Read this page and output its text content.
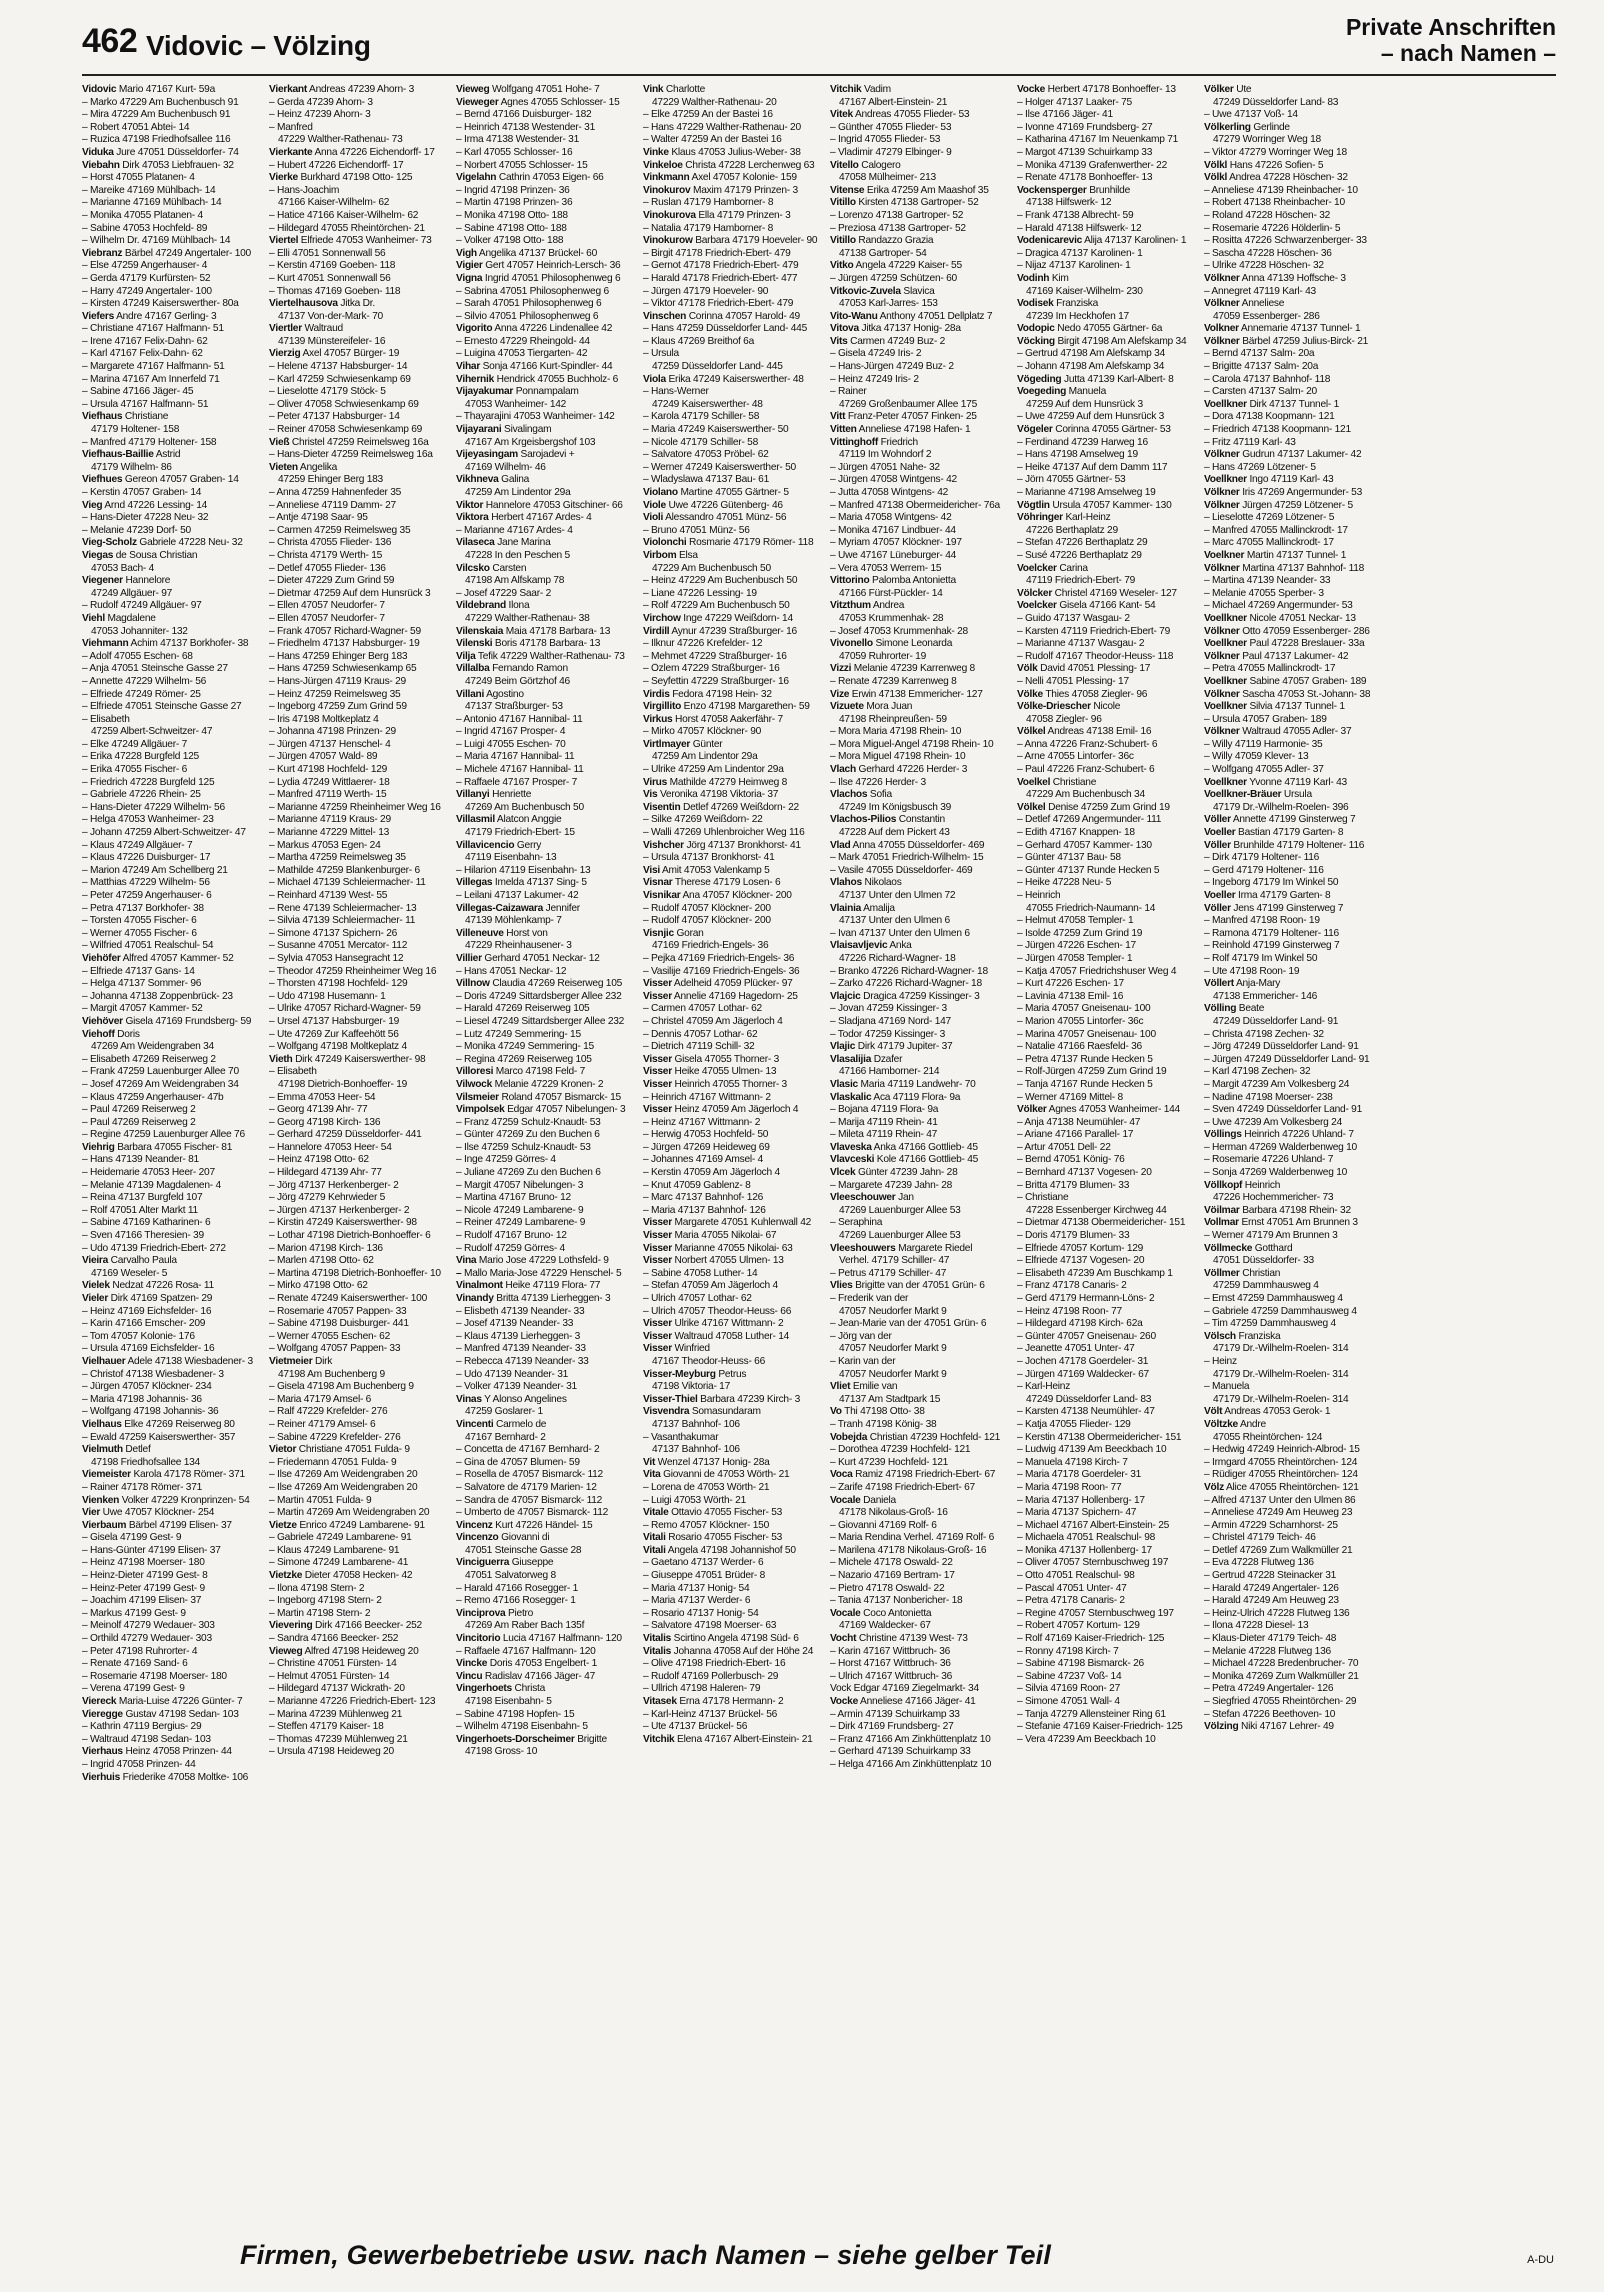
462 Vidovic – Völzing
Private Anschriften
– nach Namen –
Vidovic Mario 47167 Kurt- 59a
– Marko 47229 Am Buchenbusch 91
– Mira 47229 Am Buchenbusch 91
– Robert 47051 Abtei- 14
– Ruzica 47198 Friedhofsallee 116
Viduka Jure 47051 Düsseldorfer- 74
Viebahn Dirk 47053 Liebfrauen- 32
– Horst 47055 Platanen- 4
– Mareike 47169 Mühlbach- 14
– Marianne 47169 Mühlbach- 14
– Monika 47055 Platanen- 4
– Sabine 47053 Hochfeld- 89
– Wilhelm Dr. 47169 Mühlbach- 14
Viebranz Bärbel 47249 Angertaler- 100
– Else 47259 Angerhauser- 4
– Gerda 47179 Kurfürsten- 52
– Harry 47249 Angertaler- 100
– Kirsten 47249 Kaiserswerther- 80a
Viefers Andre 47167 Gerling- 3
– Christiane 47167 Halfmann- 51
– Irene 47167 Felix-Dahn- 62
– Karl 47167 Felix-Dahn- 62
– Margarete 47167 Halfmann- 51
– Marina 47167 Am Innerfeld 71
– Sabine 47166 Jäger- 45
– Ursula 47167 Halfmann- 51
Viefhaus Christiane
47179 Holtener- 158
– Manfred 47179 Holtener- 158
Viefhaus-Baillie Astrid
47179 Wilhelm- 86
Viefhues Gereon 47057 Graben- 14
– Kerstin 47057 Graben- 14
Vieg Arnd 47226 Lessing- 14
– Hans-Dieter 47228 Neu- 32
– Melanie 47239 Dorf- 50
Vieg-Scholz Gabriele 47228 Neu- 32
Viegas de Sousa Christian
47053 Bach- 4
Viegener Hannelore
47249 Allgäuer- 97
– Rudolf 47249 Allgäuer- 97
Viehl Magdalene
47053 Johanniter- 132
Viehmann Achim 47137 Borkhofer- 38
– Adolf 47055 Eschen- 68
– Anja 47051 Steinsche Gasse 27
– Annette 47229 Wilhelm- 56
– Elfriede 47249 Römer- 25
– Elfriede 47051 Steinsche Gasse 27
– Elisabeth
47259 Albert-Schweitzer- 47
– Elke 47249 Allgäuer- 7
– Erika 47228 Burgfeld 125
– Erika 47055 Fischer- 6
– Friedrich 47228 Burgfeld 125
– Gabriele 47226 Rhein- 25
– Hans-Dieter 47229 Wilhelm- 56
– Helga 47053 Wanheimer- 23
– Johann 47259 Albert-Schweitzer- 47
– Klaus 47249 Allgäuer- 7
– Klaus 47226 Duisburger- 17
– Marion 47249 Am Schellberg 21
– Matthias 47229 Wilhelm- 56
– Peter 47259 Angerhauser- 6
– Petra 47137 Borkhofer- 38
– Torsten 47055 Fischer- 6
– Werner 47055 Fischer- 6
– Wilfried 47051 Realschul- 54
Viehöfer Alfred 47057 Kammer- 52
– Elfriede 47137 Gans- 14
– Helga 47137 Sommer- 96
– Johanna 47138 Zoppenbrück- 23
– Margit 47057 Kammer- 52
Viehöver Gisela 47169 Frundsberg- 59
Viehoff Doris
47269 Am Weidengraben 34
– Elisabeth 47269 Reiserweg 2
– Frank 47259 Lauenburger Allee 70
– Josef 47269 Am Weidengraben 34
– Klaus 47259 Angerhauser- 47b
– Paul 47269 Reiserweg 2
– Paul 47269 Reiserweg 2
– Regine 47259 Lauenburger Allee 76
Viehrig Barbara 47055 Fischer- 81
– Hans 47139 Neander- 81
– Heidemarie 47053 Heer- 207
– Melanie 47139 Magdalenen- 4
– Reina 47137 Burgfeld 107
– Rolf 47051 Alter Markt 11
– Sabine 47169 Katharinen- 6
– Sven 47166 Theresien- 39
– Udo 47139 Friedrich-Ebert- 272
Vieira Carvalho Paula
47169 Weseler- 5
Vielek Nedzat 47226 Rosa- 11
Vieler Dirk 47169 Spatzen- 29
– Heinz 47169 Eichsfelder- 16
– Karin 47166 Emscher- 209
– Tom 47057 Kolonie- 176
– Ursula 47169 Eichsfelder- 16
Vielhauer Adele 47138 Wiesbadener- 3
– Christof 47138 Wiesbadener- 3
– Jürgen 47057 Klöckner- 234
– Maria 47198 Johannis- 36
– Wolfgang 47198 Johannis- 36
Vielhaus Elke 47269 Reiserweg 80
– Ewald 47259 Kaiserswerther- 357
Vielmuth Detlef
47198 Friedhofsallee 134
Viemeister Karola 47178 Römer- 371
– Rainer 47178 Römer- 371
Vienken Volker 47229 Kronprinzen- 54
Vier Uwe 47057 Klöckner- 254
Vierbaum Bärbel 47199 Elisen- 37
– Gisela 47199 Gest- 9
– Hans-Günter 47199 Elisen- 37
– Heinz 47198 Moerser- 180
– Heinz-Dieter 47199 Gest- 8
– Heinz-Peter 47199 Gest- 9
– Joachim 47199 Elisen- 37
– Markus 47199 Gest- 9
– Meinolf 47279 Wedauer- 303
– Orthild 47279 Wedauer- 303
– Peter 47198 Ruhrorter- 4
– Renate 47169 Sand- 6
– Rosemarie 47198 Moerser- 180
– Verena 47199 Gest- 9
Viereck Maria-Luise 47226 Günter- 7
Vieregge Gustav 47198 Sedan- 103
– Kathrin 47119 Bergius- 29
– Waltraud 47198 Sedan- 103
Vierhaus Heinz 47058 Prinzen- 44
– Ingrid 47058 Prinzen- 44
Vierhuis Friederike 47058 Moltke- 106
Vierkant Andreas 47239 Ahorn- 3
– Gerda 47239 Ahorn- 3
– Heinz 47239 Ahorn- 3
– Manfred
47229 Walther-Rathenau- 73
Vierkante Anna 47226 Eichendorff- 17
– Hubert 47226 Eichendorff- 17
Vierke Burkhard 47198 Otto- 125
– Hans-Joachim
47166 Kaiser-Wilhelm- 62
– Hatice 47166 Kaiser-Wilhelm- 62
– Hildegard 47055 Rheintörchen- 21
Viertel Elfriede 47053 Wanheimer- 73
– Elli 47051 Sonnenwall 56
– Kerstin 47169 Goeben- 118
– Kurt 47051 Sonnenwall 56
– Thomas 47169 Goeben- 118
Viertelhausova Jitka Dr.
47137 Von-der-Mark- 70
Viertler Waltraud
47139 Münstereifeler- 16
Vierzig Axel 47057 Bürger- 19
– Helene 47137 Habsburger- 14
– Karl 47259 Schwiesenkamp 69
– Lieselotte 47179 Stöck- 5
– Oliver 47058 Schwiesenkamp 69
– Peter 47137 Habsburger- 14
– Reiner 47058 Schwiesenkamp 69
Vieß Christel 47259 Reimelsweg 16a
– Hans-Dieter 47259 Reimelsweg 16a
Vieten Angelika
47259 Ehinger Berg 183
– Anna 47259 Hahnenfeder 35
– Anneliese 47119 Damm- 27
– Antje 47198 Saar- 95
– Carmen 47259 Reimelsweg 35
– Christa 47055 Flieder- 136
– Christa 47179 Werth- 15
– Detlef 47055 Flieder- 136
– Dieter 47229 Zum Grind 59
– Dietmar 47259 Auf dem Hunsrück 3
– Ellen 47057 Neudorfer- 7
– Ellen 47057 Neudorfer- 7
– Frank 47057 Richard-Wagner- 59
– Friedhelm 47137 Habsburger- 19
– Hans 47259 Ehinger Berg 183
– Hans 47259 Schwiesenkamp 65
– Hans-Jürgen 47119 Kraus- 29
– Heinz 47259 Reimelsweg 35
– Ingeborg 47259 Zum Grind 59
– Iris 47198 Moltkeplatz 4
– Johanna 47198 Prinzen- 29
– Jürgen 47137 Henschel- 4
– Jürgen 47057 Wald- 89
– Kurt 47198 Hochfeld- 129
– Lydia 47249 Wittlaerer- 18
– Manfred 47119 Werth- 15
– Marianne 47259 Rheinheimer Weg 16
– Marianne 47119 Kraus- 29
– Marianne 47229 Mittel- 13
– Markus 47053 Egen- 24
– Martha 47259 Reimelsweg 35
– Mathilde 47259 Blankenburger- 6
– Michael 47139 Schleiermacher- 11
– Reinhard 47139 West- 55
– Rene 47139 Schleiermacher- 13
– Silvia 47139 Schleiermacher- 11
– Simone 47137 Spichern- 26
– Susanne 47051 Mercator- 112
– Sylvia 47053 Hansegracht 12
– Theodor 47259 Rheinheimer Weg 16
– Thorsten 47198 Hochfeld- 129
– Udo 47198 Husemann- 1
– Ulrike 47057 Richard-Wagner- 59
– Ursel 47137 Habsburger- 19
– Ute 47269 Zur Kaffeehött 56
– Wolfgang 47198 Moltkeplatz 4
Vieth Dirk 47249 Kaiserswerther- 98
– Elisabeth
47198 Dietrich-Bonhoeffer- 19
– Emma 47053 Heer- 54
– Georg 47139 Ahr- 77
– Georg 47198 Kirch- 136
– Gerhard 47259 Düsseldorfer- 441
– Hannelore 47053 Heer- 54
– Heinz 47198 Otto- 62
– Hildegard 47139 Ahr- 77
– Jörg 47137 Herkenberger- 2
– Jörg 47279 Kehrwieder 5
– Jürgen 47137 Herkenberger- 2
– Kirstin 47249 Kaiserswerther- 98
– Lothar 47198 Dietrich-Bonhoeffer- 6
– Marion 47198 Kirch- 136
– Marlen 47198 Otto- 62
– Martina 47198 Dietrich-Bonhoeffer- 10
– Mirko 47198 Otto- 62
– Renate 47249 Kaiserswerther- 100
– Rosemarie 47057 Pappen- 33
– Sabine 47198 Duisburger- 441
– Werner 47055 Eschen- 62
– Wolfgang 47057 Pappen- 33
Vietmeier Dirk
47198 Am Buchenberg 9
– Gisela 47198 Am Buchenberg 9
– Maria 47179 Amsel- 6
– Ralf 47229 Krefelder- 276
– Reiner 47179 Amsel- 6
– Sabine 47229 Krefelder- 276
Vietor Christiane 47051 Fulda- 9
– Friedemann 47051 Fulda- 9
– Ilse 47269 Am Weidengraben 20
– Ilse 47269 Am Weidengraben 20
– Martin 47051 Fulda- 9
– Martin 47269 Am Weidengraben 20
Vietze Enrico 47249 Lambarene- 91
– Gabriele 47249 Lambarene- 91
– Klaus 47249 Lambarene- 91
– Simone 47249 Lambarene- 41
Vietzke Dieter 47058 Hecken- 42
– Ilona 47198 Stern- 2
– Ingeborg 47198 Stern- 2
– Martin 47198 Stern- 2
Vievering Dirk 47166 Beecker- 252
– Sandra 47166 Beecker- 252
Vieweg Alfred 47198 Heideweg 20
– Christine 47051 Fürsten- 14
– Helmut 47051 Fürsten- 14
– Hildegard 47137 Wickrath- 20
– Marianne 47226 Friedrich-Ebert- 123
– Marina 47239 Mühlenweg 21
– Steffen 47179 Kaiser- 18
– Thomas 47239 Mühlenweg 21
– Ursula 47198 Heideweg 20
Vieweg Wolfgang 47051 Hohe- 7
Vieweger Agnes 47055 Schlosser- 15
– Bernd 47166 Duisburger- 182
– Heinrich 47138 Westender- 31
– Irma 47138 Westender- 31
– Karl 47055 Schlosser- 16
– Norbert 47055 Schlosser- 15
Vigelahn Cathrin 47053 Eigen- 66
– Ingrid 47198 Prinzen- 36
– Martin 47198 Prinzen- 36
– Monika 47198 Otto- 188
– Sabine 47198 Otto- 188
– Volker 47198 Otto- 188
Vigh Angelika 47137 Brückel- 60
Vigier Gert 47057 Heinrich-Lersch- 36
Vigna Ingrid 47051 Philosophenweg 6
– Sabrina 47051 Philosophenweg 6
– Sarah 47051 Philosophenweg 6
– Silvio 47051 Philosophenweg 6
Vigorito Anna 47226 Lindenallee 42
– Ernesto 47229 Rheingold- 44
– Luigina 47053 Tiergarten- 42
Vihar Sonja 47166 Kurt-Spindler- 44
Vihernik Hendrick 47055 Buchholz- 6
Vijayakumar Ponnampalam
47053 Wanheimer- 142
– Thayarajini 47053 Wanheimer- 142
Vijayarani Sivalingam
47167 Am Krgeisbergshof 103
Vijeyasingam Sarojadevi +
47169 Wilhelm- 46
Vikhneva Galina
47259 Am Lindentor 29a
Viktor Hannelore 47053 Gitschiner- 66
Viktora Herbert 47167 Ardes- 4
– Marianne 47167 Ardes- 4
Vilaseca Jane Marina
47228 In den Peschen 5
Vilcsko Carsten
47198 Am Alfskamp 78
– Josef 47229 Saar- 2
Vildebrand Ilona
47229 Walther-Rathenau- 38
Vilenskaia Maia 47178 Barbara- 13
Vilenski Boris 47178 Barbara- 13
Vilja Tefik 47229 Walther-Rathenau- 73
Villalba Fernando Ramon
47249 Beim Görtzhof 46
Villani Agostino
47137 Straßburger- 53
– Antonio 47167 Hannibal- 11
– Ingrid 47167 Prosper- 4
– Luigi 47055 Eschen- 70
– Maria 47167 Hannibal- 11
– Michele 47167 Hannibal- 11
– Raffaele 47167 Prosper- 7
Villanyi Henriette
47269 Am Buchenbusch 50
Villasmil Alatcon Anggie
47179 Friedrich-Ebert- 15
Villavicencio Gerry
47119 Eisenbahn- 13
– Hilarion 47119 Eisenbahn- 13
Villegas Imelda 47137 Sing- 5
– Leilani 47137 Lakumer- 42
Villegas-Caizawara Jennifer
47139 Möhlenkamp- 7
Villeneuve Horst von
47229 Rheinhausener- 3
Villier Gerhard 47051 Neckar- 12
– Hans 47051 Neckar- 12
Villnow Claudia 47269 Reiserweg 105
– Doris 47249 Sittardsberger Allee 232
– Harald 47269 Reiserweg 105
– Liesel 47249 Sittardsberger Allee 232
– Lutz 47249 Semmering- 15
– Monika 47249 Semmering- 15
– Regina 47269 Reiserweg 105
Villoresi Marco 47198 Feld- 7
Vilwock Melanie 47229 Kronen- 2
Vilsmeier Roland 47057 Bismarck- 15
Vimpolsek Edgar 47057 Nibelungen- 3
– Franz 47259 Schulz-Knaudt- 53
– Günter 47269 Zu den Buchen 6
– Ilse 47259 Schulz-Knaudt- 53
– Inge 47259 Görres- 4
– Juliane 47269 Zu den Buchen 6
– Margit 47057 Nibelungen- 3
– Martina 47167 Bruno- 12
– Nicole 47249 Lambarene- 9
– Reiner 47249 Lambarene- 9
– Rudolf 47167 Bruno- 12
– Rudolf 47259 Görres- 4
Vina Mario Jose 47229 Lothsfeld- 9
– Mallo Maria-Jose 47229 Henschel- 5
Vinalmont Heike 47119 Flora- 77
Vinandy Britta 47139 Lierheggen- 3
– Elisbeth 47139 Neander- 33
– Josef 47139 Neander- 33
– Klaus 47139 Lierheggen- 3
– Manfred 47139 Neander- 33
– Rebecca 47139 Neander- 33
– Udo 47139 Neander- 31
– Volker 47139 Neander- 31
Vinas Y Alonso Angelines
47259 Goslarer- 1
Vincenti Carmelo de
47167 Bernhard- 2
– Concetta de 47167 Bernhard- 2
– Gina de 47057 Blumen- 59
– Rosella de 47057 Bismarck- 112
– Salvatore de 47179 Marien- 12
– Sandra de 47057 Bismarck- 112
– Umberto de 47057 Bismarck- 112
Vincenz Kurt 47226 Händel- 15
Vincenzo Giovanni di
47051 Steinsche Gasse 28
Vinciguerra Giuseppe
47051 Salvatorweg 8
– Harald 47166 Rosegger- 1
– Remo 47166 Rosegger- 1
Vinciprova Pietro
47269 Am Raber Bach 135f
Vincitorio Lucia 47167 Halfmann- 120
– Raffaele 47167 Halfmann- 120
Vincke Doris 47053 Engelbert- 1
Vincu Radislav 47166 Jäger- 47
Vingerhoets Christa
47198 Eisenbahn- 5
– Sabine 47198 Hopfen- 15
– Wilhelm 47198 Eisenbahn- 5
Vingerhoets-Dorscheimer Brigitte
47198 Gross- 10
Vink Charlotte
47229 Walther-Rathenau- 20
– Elke 47259 An der Bastei 16
– Hans 47229 Walther-Rathenau- 20
– Walter 47259 An der Bastei 16
Vinke Klaus 47053 Julius-Weber- 38
Vinkeloe Christa 47228 Lerchenweg 63
Vinkmann Axel 47057 Kolonie- 159
Vinokurov Maxim 47179 Prinzen- 3
– Ruslan 47179 Hamborner- 8
Vinokurova Ella 47179 Prinzen- 3
– Natalia 47179 Hamborner- 8
Vinokurow Barbara 47179 Hoeveler- 90
– Birgit 47178 Friedrich-Ebert- 479
– Gernot 47178 Friedrich-Ebert- 479
– Harald 47178 Friedrich-Ebert- 477
– Jürgen 47179 Hoeveler- 90
– Viktor 47178 Friedrich-Ebert- 479
Vinschen Corinna 47057 Harold- 49
– Hans 47259 Düsseldorfer Land- 445
– Klaus 47269 Breithof 6a
– Ursula
47259 Düsseldorfer Land- 445
Viola Erika 47249 Kaiserswerther- 48
– Hans-Werner
47249 Kaiserswerther- 48
– Karola 47179 Schiller- 58
– Maria 47249 Kaiserswerther- 50
– Nicole 47179 Schiller- 58
– Salvatore 47053 Pröbel- 62
– Werner 47249 Kaiserswerther- 50
– Wladyslawa 47137 Bau- 61
Violano Martine 47055 Gärtner- 5
Viole Uwe 47226 Gütenberg- 46
Violi Alessandro 47051 Münz- 56
– Bruno 47051 Münz- 56
Violonchi Rosmarie 47179 Römer- 118
Virbom Elsa
47229 Am Buchenbusch 50
– Heinz 47229 Am Buchenbusch 50
– Liane 47226 Lessing- 19
– Rolf 47229 Am Buchenbusch 50
Virchow Inge 47229 Weißdorn- 14
Virdill Aynur 47239 Straßburger- 16
– Ilknur 47226 Krefelder- 12
– Mehmet 47229 Straßburger- 16
– Özlem 47229 Straßburger- 16
– Seyfettin 47229 Straßburger- 16
Virdis Fedora 47198 Hein- 32
Virgillito Enzo 47198 Margarethen- 59
Virkus Horst 47058 Aakerfähr- 7
– Mirko 47057 Klöckner- 90
Virtlmayer Günter
47259 Am Lindentor 29a
– Ulrike 47259 Am Lindentor 29a
Virus Mathilde 47279 Heimweg 8
Vis Veronika 47198 Viktoria- 37
Visentin Detlef 47269 Weißdorn- 22
– Silke 47269 Weißdorn- 22
– Walli 47269 Uhlenbroicher Weg 116
Vishcher Jörg 47137 Bronkhorst- 41
– Ursula 47137 Bronkhorst- 41
Visi Amit 47053 Valenkamp 5
Visnar Therese 47179 Losen- 6
Visnikar Ana 47057 Klöckner- 200
– Rudolf 47057 Klöckner- 200
– Rudolf 47057 Klöckner- 200
Visnjic Goran
47169 Friedrich-Engels- 36
– Pejka 47169 Friedrich-Engels- 36
– Vasilije 47169 Friedrich-Engels- 36
Visser Adelheid 47059 Plücker- 97
Visser Annelie 47169 Hagedorn- 25
– Carmen 47057 Lothar- 62
– Christel 47059 Am Jägerloch 4
– Dennis 47057 Lothar- 62
– Dietrich 47119 Schill- 32
Visser Gisela 47055 Thorner- 3
Visser Heike 47055 Ulmen- 13
Visser Heinrich 47055 Thorner- 3
– Heinrich 47167 Wittmann- 2
Visser Heinz 47059 Am Jägerloch 4
– Heinz 47167 Wittmann- 2
– Herwig 47053 Hochfeld- 50
– Jürgen 47269 Heideweg 69
– Johannes 47169 Amsel- 4
– Kerstin 47059 Am Jägerloch 4
– Knut 47059 Gablenz- 8
– Marc 47137 Bahnhof- 126
– Maria 47137 Bahnhof- 126
Visser Margarete 47051 Kuhlenwall 42
Visser Maria 47055 Nikolai- 67
Visser Marianne 47055 Nikolai- 63
Visser Norbert 47055 Ulmen- 13
– Sabine 47058 Luther- 14
– Stefan 47059 Am Jägerloch 4
– Ulrich 47057 Lothar- 62
– Ulrich 47057 Theodor-Heuss- 66
Visser Ulrike 47167 Wittmann- 2
Visser Waltraud 47058 Luther- 14
Visser Winfried
47167 Theodor-Heuss- 66
Visser-Meyburg Petrus
47198 Viktoria- 17
Visser-Thiel Barbara 47239 Kirch- 3
Visvendra Somasundaram
47137 Bahnhof- 106
– Vasanthakumar
47137 Bahnhof- 106
Vit Wenzel 47137 Honig- 28a
Vita Giovanni de 47053 Wörth- 21
– Lorena de 47053 Wörth- 21
– Luigi 47053 Wörth- 21
Vitale Ottavio 47055 Fischer- 53
– Remo 47057 Klöckner- 150
Vitali Rosario 47055 Fischer- 53
Vitali Angela 47198 Johannishof 50
– Gaetano 47137 Werder- 6
– Giuseppe 47051 Brüder- 8
– Maria 47137 Honig- 54
– Maria 47137 Werder- 6
– Rosario 47137 Honig- 54
– Salvatore 47198 Moerser- 63
Vitalis Scirtino Angela 47198 Süd- 6
Vitalis Johanna 47058 Auf der Höhe 24
– Olive 47198 Friedrich-Ebert- 16
– Rudolf 47169 Pollerbusch- 29
– Ullrich 47198 Haleren- 79
Vitasek Erna 47178 Hermann- 2
– Karl-Heinz 47137 Brückel- 56
– Ute 47137 Brückel- 56
Vitchik Elena 47167 Albert-Einstein- 21
Vitchik Vadim
47167 Albert-Einstein- 21
Vitek Andreas 47055 Flieder- 53
– Günther 47055 Flieder- 53
– Ingrid 47055 Flieder- 53
– Vladimir 47279 Elbinger- 9
Vitello Calogero
47058 Mülheimer- 213
Vitense Erika 47259 Am Maashof 35
Vitillo Kirsten 47138 Gartroper- 52
– Lorenzo 47138 Gartroper- 52
– Preziosa 47138 Gartroper- 52
Vitillo Randazzo Grazia
47138 Gartroper- 54
Vitko Angela 47229 Kaiser- 55
– Jürgen 47259 Schützen- 60
Vitkovic-Zuvela Slavica
47053 Karl-Jarres- 153
Vito-Wanu Anthony 47051 Dellplatz 7
Vitova Jitka 47137 Honig- 28a
Vits Carmen 47249 Buz- 2
– Gisela 47249 Iris- 2
– Hans-Jürgen 47249 Buz- 2
– Heinz 47249 Iris- 2
– Rainer
47269 Großenbaumer Allee 175
Vitt Franz-Peter 47057 Finken- 25
Vitten Anneliese 47198 Hafen- 1
Vittinghoff Friedrich
47119 Im Wohndorf 2
– Jürgen 47051 Nahe- 32
– Jürgen 47058 Wintgens- 42
– Jutta 47058 Wintgens- 42
– Manfred 47138 Obermeidericher- 76a
– Maria 47058 Wintgens- 42
– Monika 47167 Lindbuer- 44
– Myriam 47057 Klöckner- 197
– Uwe 47167 Lüneburger- 44
– Vera 47053 Werrem- 15
Vittorino Palomba Antonietta
47166 Fürst-Pückler- 14
Vitzthum Andrea
47053 Krummenhak- 28
– Josef 47053 Krummenhak- 28
Vivonello Simone Leonarda
47059 Ruhrorter- 19
Vizzi Melanie 47239 Karrenweg 8
– Renate 47239 Karrenweg 8
Vize Erwin 47138 Emmericher- 127
Vizuete Mora Juan
47198 Rheinpreußen- 59
– Mora Maria 47198 Rhein- 10
– Mora Miguel-Angel 47198 Rhein- 10
– Mora Miguel 47198 Rhein- 10
Vlach Gerhard 47226 Herder- 3
– Ilse 47226 Herder- 3
Vlachos Sofia
47249 Im Königsbusch 39
Vlachos-Pilios Constantin
47228 Auf dem Pickert 43
Vlad Anna 47055 Düsseldorfer- 469
– Mark 47051 Friedrich-Wilhelm- 15
– Vasile 47055 Düsseldorfer- 469
Vlahos Nikolaos
47137 Unter den Ulmen 72
Vlainia Amalija
47137 Unter den Ulmen 6
– Ivan 47137 Unter den Ulmen 6
Vlaisavljevic Anka
47226 Richard-Wagner- 18
– Branko 47226 Richard-Wagner- 18
– Zarko 47226 Richard-Wagner- 18
Vlajcic Dragica 47259 Kissinger- 3
– Jovan 47259 Kissinger- 3
– Sladjana 47169 Nord- 147
– Todor 47259 Kissinger- 3
Vlajic Dirk 47179 Jupiter- 37
Vlasalijia Dzafer
47166 Hamborner- 214
Vlasic Maria 47119 Landwehr- 70
Vlaskalic Aca 47119 Flora- 9a
– Bojana 47119 Flora- 9a
– Marija 47119 Rhein- 41
– Mileta 47119 Rhein- 47
Vlaveska Anka 47166 Gottlieb- 45
Vlavceski Kole 47166 Gottlieb- 45
Vlcek Günter 47239 Jahn- 28
– Margarete 47239 Jahn- 28
Vleeschouwer Jan
47269 Lauenburger Allee 53
– Seraphina
47269 Lauenburger Allee 53
Vleeshouwers Margarete Riedel
Verhel. 47179 Schiller- 47
– Petrus 47179 Schiller- 47
Vlies Brigitte van der 47051 Grün- 6
– Frederik van der
47057 Neudorfer Markt 9
– Jean-Marie van der 47051 Grün- 6
– Jörg van der
47057 Neudorfer Markt 9
– Karin van der
47057 Neudorfer Markt 9
Vliet Emilie van
47137 Am Stadtpark 15
Vo Thi 47198 Otto- 38
– Tranh 47198 König- 38
Vobejda Christian 47239 Hochfeld- 121
– Dorothea 47239 Hochfeld- 121
– Kurt 47239 Hochfeld- 121
Voca Ramiz 47198 Friedrich-Ebert- 67
– Zarife 47198 Friedrich-Ebert- 67
Vocale Daniela
47178 Nikolaus-Groß- 16
– Giovanni 47169 Rolf- 6
– Maria Rendina Verhel. 47169 Rolf- 6
– Marilena 47178 Nikolaus-Groß- 16
– Michele 47178 Oswald- 22
– Nazario 47169 Bertram- 17
– Pietro 47178 Oswald- 22
– Tania 47137 Nonbericher- 18
Vocale Coco Antonietta
47169 Waldecker- 67
Vocht Christine 47139 West- 73
– Karin 47167 Wittbruch- 36
– Horst 47167 Wittbruch- 36
– Ulrich 47167 Wittbruch- 36
Vock Edgar 47169 Ziegelmarkt- 34
Vocke Anneliese 47166 Jäger- 41
– Armin 47139 Schuirkamp 33
– Dirk 47169 Frundsberg- 27
– Franz 47166 Am Zinkhüttenplatz 10
– Gerhard 47139 Schuirkamp 33
– Helga 47166 Am Zinkhüttenplatz 10
Vocke Herbert 47178 Bonhoeffer- 13
– Holger 47137 Laaker- 75
– Ilse 47166 Jäger- 41
– Ivonne 47169 Frundsberg- 27
– Katharina 47167 Im Neuenkamp 71
– Margot 47139 Schuirkamp 33
– Monika 47139 Grafenwerther- 22
– Renate 47178 Bonhoeffer- 13
Vockensperger Brunhilde
47138 Hilfswerk- 12
– Frank 47138 Albrecht- 59
– Harald 47138 Hilfswerk- 12
Vodenicarevic Alija 47137 Karolinen- 1
– Dragica 47137 Karolinen- 1
– Nijaz 47137 Karolinen- 1
Vodinh Kim
47169 Kaiser-Wilhelm- 230
Vodisek Franziska
47239 Im Heckhofen 17
Vodopic Nedo 47055 Gärtner- 6a
Vöcking Birgit 47198 Am Alefskamp 34
– Gertrud 47198 Am Alefskamp 34
– Johann 47198 Am Alefskamp 34
Vögeding Jutta 47139 Karl-Albert- 8
Voegeding Manuela
47259 Auf dem Hunsrück 3
– Uwe 47259 Auf dem Hunsrück 3
Vögeler Corinna 47055 Gärtner- 53
– Ferdinand 47239 Harweg 16
– Hans 47198 Amselweg 19
– Heike 47137 Auf dem Damm 117
– Jörn 47055 Gärtner- 53
– Marianne 47198 Amselweg 19
Vögtlin Ursula 47057 Kammer- 130
Vöhringer Karl-Heinz
47226 Berthaplatz 29
– Stefan 47226 Berthaplatz 29
– Susé 47226 Berthaplatz 29
Voelcker Carina
47119 Friedrich-Ebert- 79
Völcker Christel 47169 Weseler- 127
Voelcker Gisela 47166 Kant- 54
– Guido 47137 Wasgau- 2
– Karsten 47119 Friedrich-Ebert- 79
– Marianne 47137 Wasgau- 2
– Rudolf 47167 Theodor-Heuss- 118
Völk David 47051 Plessing- 17
– Nelli 47051 Plessing- 17
Völke Thies 47058 Ziegler- 96
Völke-Driescher Nicole
47058 Ziegler- 96
Völkel Andreas 47138 Emil- 16
– Anna 47226 Franz-Schubert- 6
– Arne 47055 Lintorfer- 36c
– Paul 47226 Franz-Schubert- 6
Voelkel Christiane
47229 Am Buchenbusch 34
Völkel Denise 47259 Zum Grind 19
– Detlef 47269 Angermunder- 111
– Edith 47167 Knappen- 18
– Gerhard 47057 Kammer- 130
– Günter 47137 Bau- 58
– Günter 47137 Runde Hecken 5
– Heike 47228 Neu- 5
– Heinrich
47055 Friedrich-Naumann- 14
– Helmut 47058 Templer- 1
– Isolde 47259 Zum Grind 19
– Jürgen 47226 Eschen- 17
– Jürgen 47058 Templer- 1
– Katja 47057 Friedrichshuser Weg 4
– Kurt 47226 Eschen- 17
– Lavinia 47138 Emil- 16
– Maria 47057 Gneisenau- 100
– Marion 47055 Lintorfer- 36c
– Marina 47057 Gneisenau- 100
– Natalie 47166 Raesfeld- 36
– Petra 47137 Runde Hecken 5
– Rolf-Jürgen 47259 Zum Grind 19
– Tanja 47167 Runde Hecken 5
– Werner 47169 Mittel- 8
Völker Agnes 47053 Wanheimer- 144
– Anja 47138 Neumühler- 47
– Ariane 47166 Parallel- 17
– Artur 47051 Dell- 22
– Bernd 47051 König- 76
– Bernhard 47137 Vogesen- 20
– Britta 47179 Blumen- 33
– Christiane
47228 Essenberger Kirchweg 44
– Dietmar 47138 Obermeidericher- 151
– Doris 47179 Blumen- 33
– Elfriede 47057 Kortum- 129
– Elfriede 47137 Vogesen- 20
– Elisabeth 47239 Am Buschkamp 1
– Franz 47178 Canaris- 2
– Gerd 47179 Hermann-Löns- 2
– Heinz 47198 Roon- 77
– Hildegard 47198 Kirch- 62a
– Günter 47057 Gneisenau- 260
– Jeanette 47051 Unter- 47
– Jochen 47178 Goerdeler- 31
– Jürgen 47169 Waldecker- 67
– Karl-Heinz
47249 Düsseldorfer Land- 83
– Karsten 47138 Neumühler- 47
– Katja 47055 Flieder- 129
– Kerstin 47138 Obermeidericher- 151
– Ludwig 47139 Am Beeckbach 10
– Manuela 47198 Kirch- 7
– Maria 47178 Goerdeler- 31
– Maria 47198 Roon- 77
– Maria 47137 Hollenberg- 17
– Maria 47137 Spichern- 47
– Michael 47167 Albert-Einstein- 25
– Michaela 47051 Realschul- 98
– Monika 47137 Hollenberg- 17
– Oliver 47057 Sternbuschweg 197
– Otto 47051 Realschul- 98
– Pascal 47051 Unter- 47
– Petra 47178 Canaris- 2
– Regine 47057 Sternbuschweg 197
– Robert 47057 Kortum- 129
– Rolf 47169 Kaiser-Friedrich- 125
– Ronny 47198 Kirch- 7
– Sabine 47198 Bismarck- 26
– Sabine 47237 Voß- 14
– Silvia 47169 Roon- 27
– Simone 47051 Wall- 4
– Tanja 47279 Allensteiner Ring 61
– Stefanie 47169 Kaiser-Friedrich- 125
– Vera 47239 Am Beeckbach 10
Völker Ute
47249 Düsseldorfer Land- 83
– Uwe 47137 Voß- 14
Völkerling Gerlinde
47279 Worringer Weg 18
– Viktor 47279 Worringer Weg 18
Völkl Hans 47226 Sofien- 5
Völkl Andrea 47228 Höschen- 32
– Anneliese 47139 Rheinbacher- 10
– Robert 47138 Rheinbacher- 10
– Roland 47228 Höschen- 32
– Rosemarie 47226 Hölderlin- 5
– Rositta 47226 Schwarzenberger- 33
– Sascha 47228 Höschen- 36
– Ulrike 47228 Höschen- 32
Völkner Anna 47139 Hoffsche- 3
– Annegret 47119 Karl- 43
Völkner Anneliese
47059 Essenberger- 286
Volkner Annemarie 47137 Tunnel- 1
Völkner Bärbel 47259 Julius-Birck- 21
– Bernd 47137 Salm- 20a
– Brigitte 47137 Salm- 20a
– Carola 47137 Bahnhof- 118
– Carsten 47137 Salm- 20
Voellkner Dirk 47137 Tunnel- 1
– Dora 47138 Koopmann- 121
– Friedrich 47138 Koopmann- 121
– Fritz 47119 Karl- 43
Völkner Gudrun 47137 Lakumer- 42
– Hans 47269 Lötzener- 5
Voellkner Ingo 47119 Karl- 43
Völkner Iris 47269 Angermunder- 53
Völkner Jürgen 47259 Lötzener- 5
– Lieselotte 47269 Lötzener- 5
– Manfred 47055 Mallinckrodt- 17
– Marc 47055 Mallinckrodt- 17
Voelkner Martin 47137 Tunnel- 1
Völkner Martina 47137 Bahnhof- 118
– Martina 47139 Neander- 33
– Melanie 47055 Sperber- 3
– Michael 47269 Angermunder- 53
Voellkner Nicole 47051 Neckar- 13
Völkner Otto 47059 Essenberger- 286
Voellkner Paul 47228 Breslauer- 33a
Völkner Paul 47137 Lakumer- 42
– Petra 47055 Mallinckrodt- 17
Voellkner Sabine 47057 Graben- 189
Völkner Sascha 47053 St.-Johann- 38
Voellkner Silvia 47137 Tunnel- 1
– Ursula 47057 Graben- 189
Völkner Waltraud 47055 Adler- 37
– Willy 47119 Harmonie- 35
– Willy 47059 Klever- 13
– Wolfgang 47055 Adler- 37
Voellkner Yvonne 47119 Karl- 43
Voellkner-Bräuer Ursula
47179 Dr.-Wilhelm-Roelen- 396
Völler Annette 47199 Ginsterweg 7
Voeller Bastian 47179 Garten- 8
Völler Brunhilde 47179 Holtener- 116
– Dirk 47179 Holtener- 116
– Gerd 47179 Holtener- 116
– Ingeborg 47179 Im Winkel 50
Voeller Irma 47179 Garten- 8
Völler Jens 47199 Ginsterweg 7
– Manfred 47198 Roon- 19
– Ramona 47179 Holtener- 116
– Reinhold 47199 Ginsterweg 7
– Rolf 47179 Im Winkel 50
– Ute 47198 Roon- 19
Völlert Anja-Mary
47138 Emmericher- 146
Völling Beate
47249 Düsseldorfer Land- 91
– Christa 47198 Zechen- 32
– Jörg 47249 Düsseldorfer Land- 91
– Jürgen 47249 Düsseldorfer Land- 91
– Karl 47198 Zechen- 32
– Margit 47239 Am Volkesberg 24
– Nadine 47198 Moerser- 238
– Sven 47249 Düsseldorfer Land- 91
– Uwe 47239 Am Volkesberg 24
Völlings Heinrich 47226 Uhland- 7
– Herman 47269 Walderbenweg 10
– Rosemarie 47226 Uhland- 7
– Sonja 47269 Walderbenweg 10
Völlkopf Heinrich
47226 Hochemmericher- 73
Vöilmar Barbara 47198 Rhein- 32
Vollmar Ernst 47051 Am Brunnen 3
– Werner 47179 Am Brunnen 3
Völlmecke Gotthard
47051 Düsseldorfer- 33
Völlmer Christian
47259 Dammhausweg 4
– Ernst 47259 Dammhausweg 4
– Gabriele 47259 Dammhausweg 4
– Tim 47259 Dammhausweg 4
Völsch Franziska
47179 Dr.-Wilhelm-Roelen- 314
– Heinz
47179 Dr.-Wilhelm-Roelen- 314
– Manuela
47179 Dr.-Wilhelm-Roelen- 314
Völt Andreas 47053 Gerok- 1
Völtzke Andre
47055 Rheintörchen- 124
– Hedwig 47249 Heinrich-Albrod- 15
– Irmgard 47055 Rheintörchen- 124
– Rüdiger 47055 Rheintörchen- 124
Völz Alice 47055 Rheintörchen- 121
– Alfred 47137 Unter den Ulmen 86
– Anneliese 47249 Am Heuweg 23
– Armin 47229 Scharnhorst- 25
– Christel 47179 Teich- 46
– Detlef 47269 Zum Walkmüller 21
– Eva 47228 Flutweg 136
– Gertrud 47228 Steinacker 31
– Harald 47249 Angertaler- 126
– Harald 47249 Am Heuweg 23
– Heinz-Ulrich 47228 Flutweg 136
– Ilona 47228 Diesel- 13
– Klaus-Dieter 47179 Teich- 48
– Melanie 47228 Flutweg 136
– Michael 47228 Bredenbrucher- 70
– Monika 47269 Zum Walkmüller 21
– Petra 47249 Angertaler- 126
– Siegfried 47055 Rheintörchen- 29
– Stefan 47226 Beethoven- 10
Völzing Niki 47167 Lehrer- 49
Firmen, Gewerbebetriebe usw. nach Namen – siehe gelber Teil	A-DU
